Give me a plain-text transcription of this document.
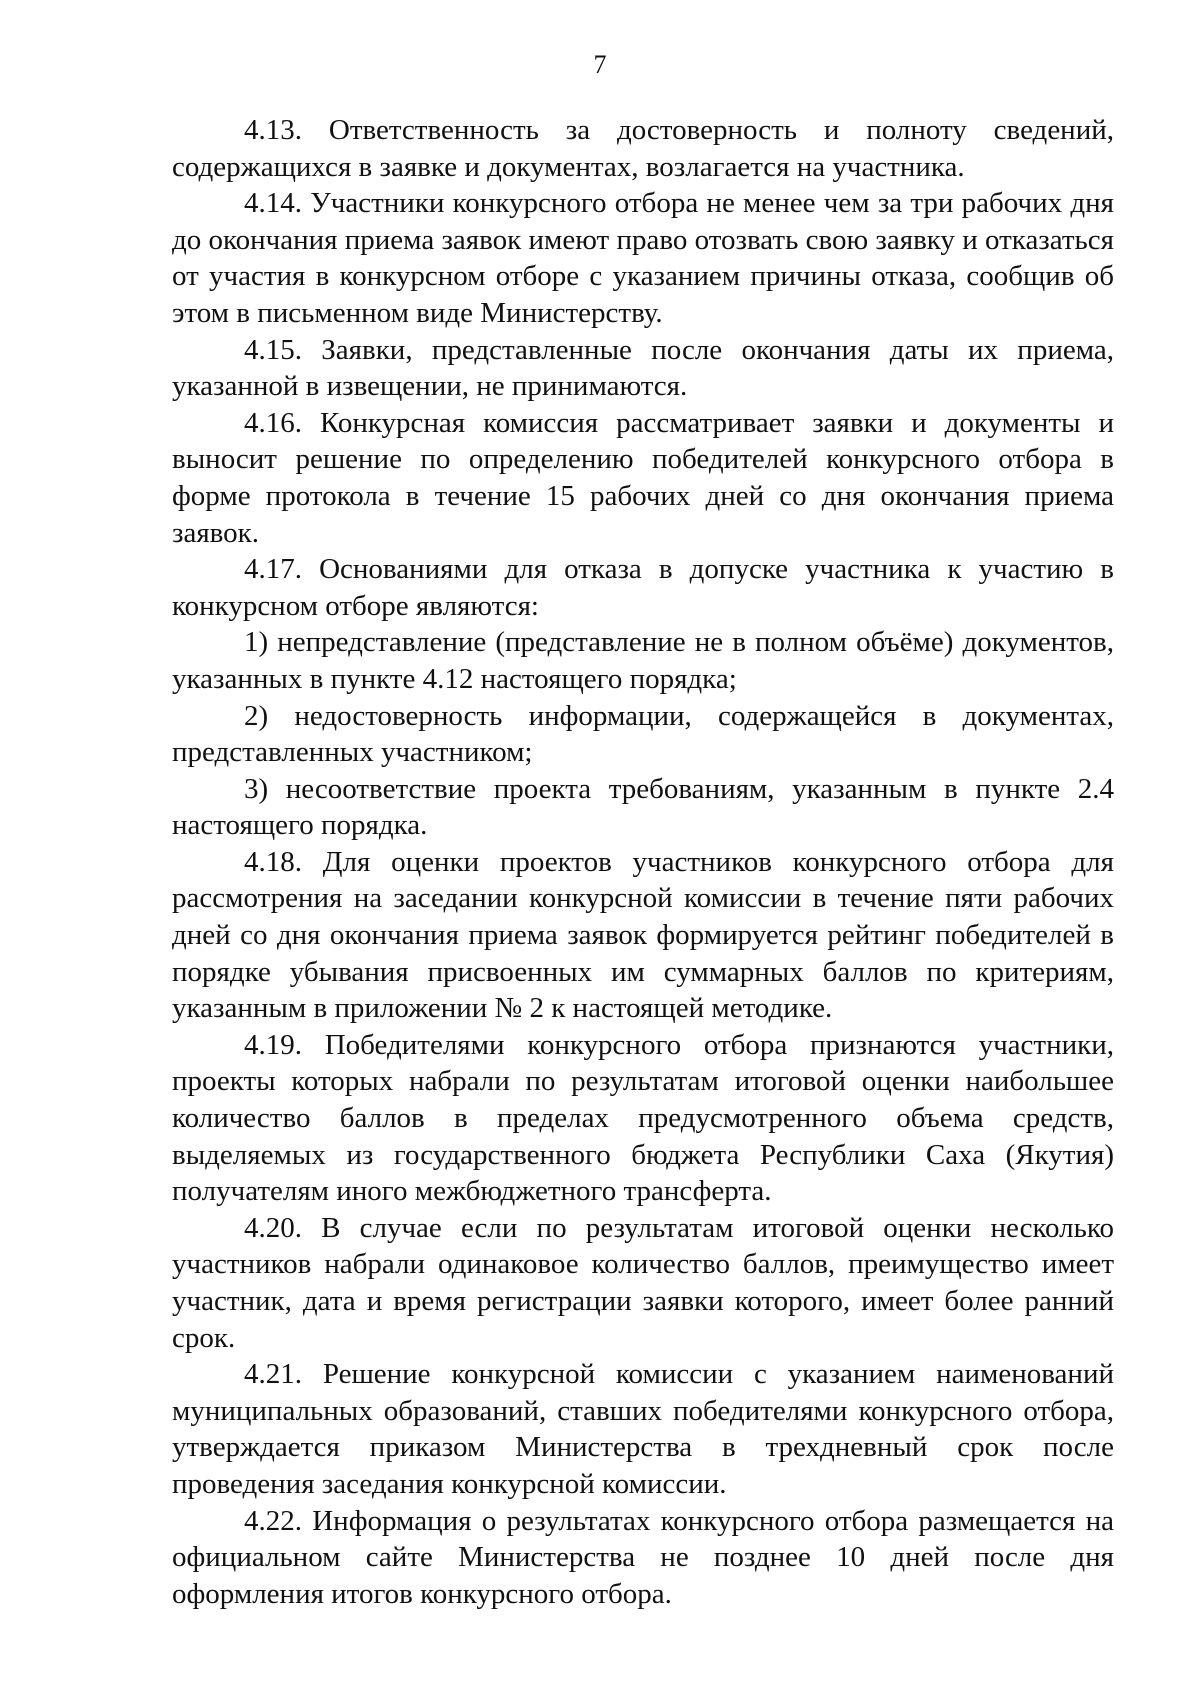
7

4.13. Ответственность за достоверность и полноту сведений, содержащихся в заявке и документах, возлагается на участника.

4.14. Участники конкурсного отбора не менее чем за три рабочих дня до окончания приема заявок имеют право отозвать свою заявку и отказаться от участия в конкурсном отборе с указанием причины отказа, сообщив об этом в письменном виде Министерству.

4.15. Заявки, представленные после окончания даты их приема, указанной в извещении, не принимаются.

4.16. Конкурсная комиссия рассматривает заявки и документы и выносит решение по определению победителей конкурсного отбора в форме протокола в течение 15 рабочих дней со дня окончания приема заявок.

4.17. Основаниями для отказа в допуске участника к участию в конкурсном отборе являются:

1) непредставление (представление не в полном объёме) документов, указанных в пункте 4.12 настоящего порядка;

2) недостоверность информации, содержащейся в документах, представленных участником;

3) несоответствие проекта требованиям, указанным в пункте 2.4 настоящего порядка.

4.18. Для оценки проектов участников конкурсного отбора для рассмотрения на заседании конкурсной комиссии в течение пяти рабочих дней со дня окончания приема заявок формируется рейтинг победителей в порядке убывания присвоенных им суммарных баллов по критериям, указанным в приложении № 2 к настоящей методике.

4.19. Победителями конкурсного отбора признаются участники, проекты которых набрали по результатам итоговой оценки наибольшее количество баллов в пределах предусмотренного объема средств, выделяемых из государственного бюджета Республики Саха (Якутия) получателям иного межбюджетного трансферта.

4.20. В случае если по результатам итоговой оценки несколько участников набрали одинаковое количество баллов, преимущество имеет участник, дата и время регистрации заявки которого, имеет более ранний срок.

4.21. Решение конкурсной комиссии с указанием наименований муниципальных образований, ставших победителями конкурсного отбора, утверждается приказом Министерства в трехдневный срок после проведения заседания конкурсной комиссии.

4.22. Информация о результатах конкурсного отбора размещается на официальном сайте Министерства не позднее 10 дней после дня оформления итогов конкурсного отбора.
